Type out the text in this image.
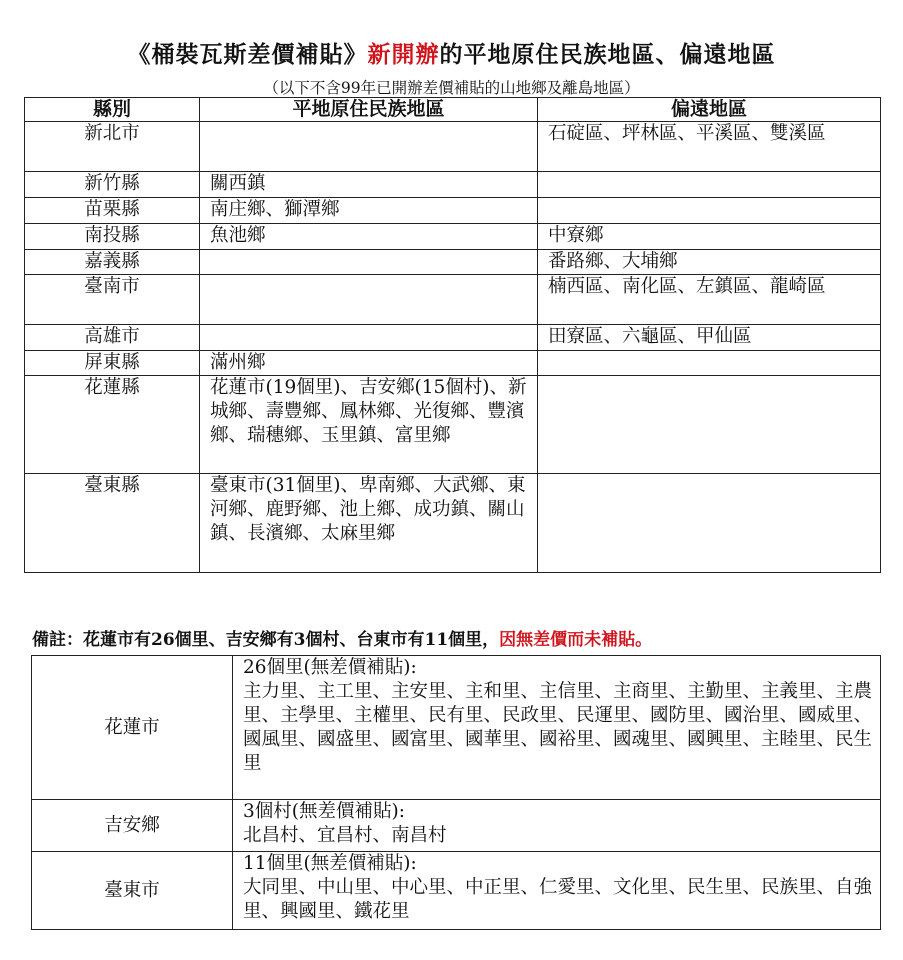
《桶裝瓦斯差價補貼》新開辦的平地原住民族地區、偏遠地區
（以下不含99年已開辦差價補貼的山地鄉及離島地區）
縣別	平地原住民族地區	偏遠地區
新北市		石碇區、坪林區、平溪區、雙溪區
新竹縣	關西鎮	
苗栗縣	南庄鄉、獅潭鄉	
南投縣	魚池鄉	中寮鄉
嘉義縣		番路鄉、大埔鄉
臺南市		楠西區、南化區、左鎮區、龍崎區
高雄市		田寮區、六龜區、甲仙區
屏東縣	滿州鄉	
花蓮縣	花蓮市(19個里)、吉安鄉(15個村)、新城鄉、壽豐鄉、鳳林鄉、光復鄉、豐濱鄉、瑞穗鄉、玉里鎮、富里鄉	
臺東縣	臺東市(31個里)、卑南鄉、大武鄉、東河鄉、鹿野鄉、池上鄉、成功鎮、關山鎮、長濱鄉、太麻里鄉	
備註：花蓮市有26個里、吉安鄉有3個村、台東市有11個里，因無差價而未補貼。
花蓮市	26個里(無差價補貼):
主力里、主工里、主安里、主和里、主信里、主商里、主勤里、主義里、主農里、主學里、主權里、民有里、民政里、民運里、國防里、國治里、國威里、國風里、國盛里、國富里、國華里、國裕里、國魂里、國興里、主睦里、民生里

吉安鄉	3個村(無差價補貼):
北昌村、宜昌村、南昌村

臺東市	11個里(無差價補貼):
大同里、中山里、中心里、中正里、仁愛里、文化里、民生里、民族里、自強里、興國里、鐵花里
